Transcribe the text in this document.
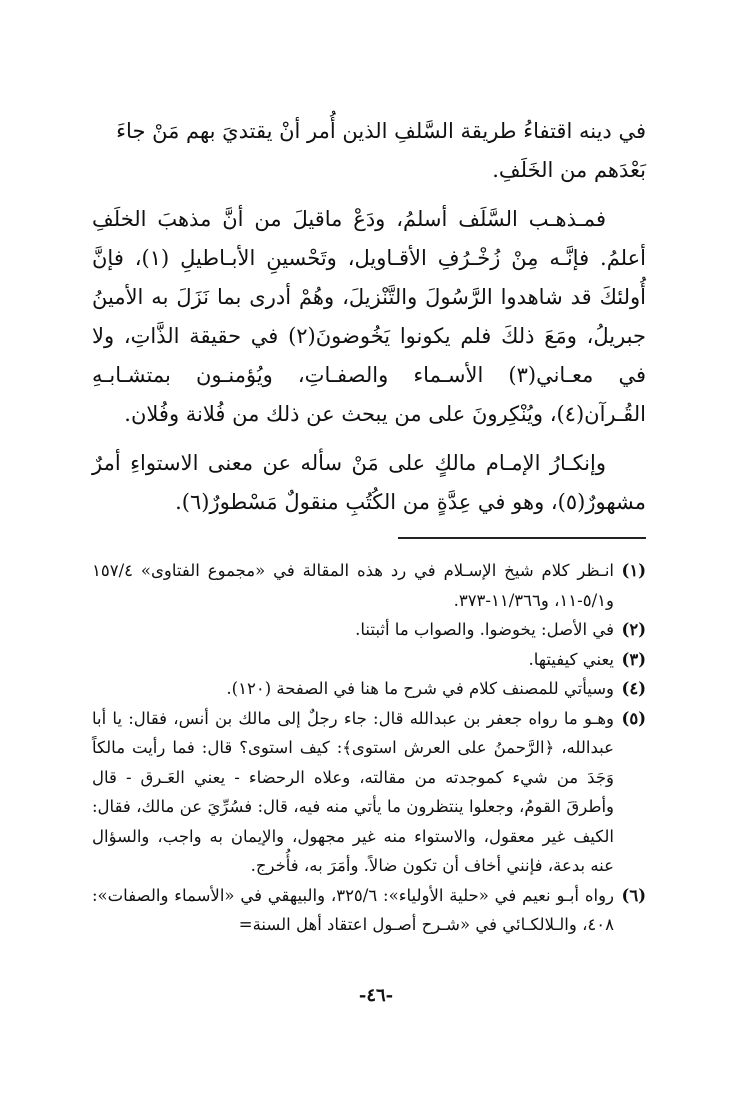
في دينه اقتفاءُ طريقة السَّلفِ الذين أُمر أنْ يقتديَ بهم مَنْ جاءَ بَعْدَهم من الخَلَفِ.

فمـذهـب السَّلَف أسلمُ، ودَعْ ماقيلَ من أنَّ مذهبَ الخلَفِ أعلمُ. فإنَّـه مِنْ زُخْـرُفِ الأقـاويل، وتَحْسينِ الأبـاطيلِ (١)، فإنَّ أُولئكَ قد شاهدوا الرَّسُولَ والتَّنْزيلَ، وهُمْ أدرى بما نَزَلَ به الأمينُ جبريلُ، ومَعَ ذلكَ فلم يكونوا يَخُوضونَ(٢) في حقيقة الذَّاتِ، ولا في معـاني(٣) الأسـماء والصفـاتِ، ويُؤمنـون بمتشـابـهِ القُـرآن(٤)، ويُنْكِرونَ على من يبحث عن ذلك من فُلانة وفُلان.

وإنكـارُ الإمـام مالكٍ على مَنْ سأله عن معنى الاستواءِ أمرٌ مشهورٌ(٥)، وهو في عِدَّةٍ من الكُتُبِ منقولٌ مَسْطورٌ(٦).

(١)
انـظر كلام شيخ الإسـلام في رد هذه المقالة في «مجموع الفتاوى» ١٥٧/٤ و٥/١-١١، و١١/٣٦٦-٣٧٣.

(٢)
في الأصل: يخوضوا. والصواب ما أثبتنا.

(٣)
يعني كيفيتها.

(٤)
وسيأتي للمصنف كلام في شرح ما هنا في الصفحة (١٢٠).

(٥)
وهـو ما رواه جعفر بن عبدالله قال: جاء رجلٌ إلى مالك بن أنس، فقال: يا أبا عبدالله، ﴿الرَّحمنُ على العرش استوى﴾: كيف استوى؟ قال: فما رأيت مالكاً وَجَدَ من شيء كموجدته من مقالته، وعلاه الرحضاء - يعني العَـرق - قال وأطرقَ القومُ، وجعلوا ينتظرون ما يأتي منه فيه، قال: فسُرِّيَ عن مالك، فقال: الكيف غير معقول، والاستواء منه غير مجهول، والإيمان به واجب، والسؤال عنه بدعة، فإنني أخاف أن تكون ضالاً. وأمَرَ به، فأُخرج.

(٦)
رواه أبـو نعيم في «حلية الأولياء»: ٣٢٥/٦، والبيهقي في «الأسماء والصفات»: ٤٠٨، والـلالكـائي في «شـرح أصـول اعتقاد أهل السنة=

-٤٦-
